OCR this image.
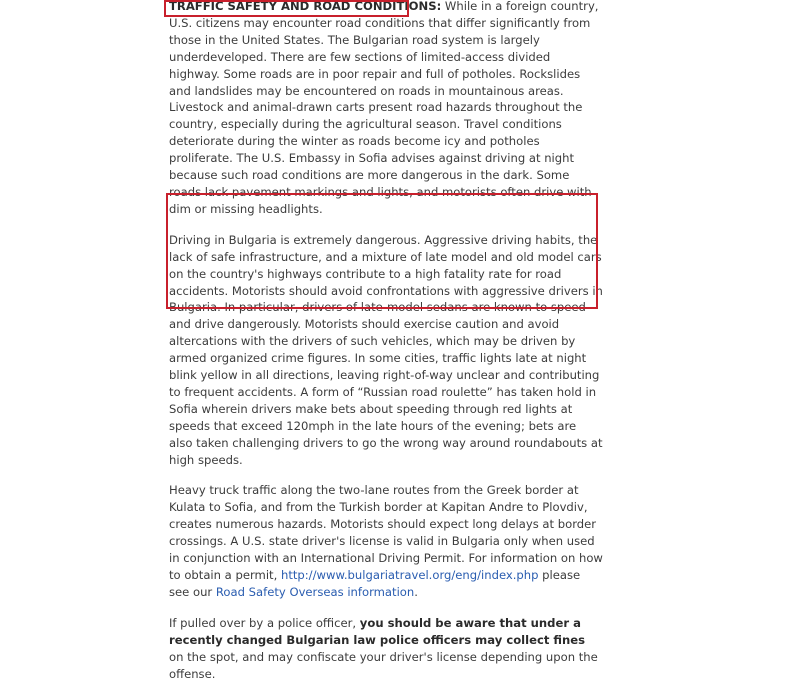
TRAFFIC SAFETY AND ROAD CONDITIONS: While in a foreign country, U.S. citizens may encounter road conditions that differ significantly from those in the United States. The Bulgarian road system is largely underdeveloped. There are few sections of limited-access divided highway. Some roads are in poor repair and full of potholes. Rockslides and landslides may be encountered on roads in mountainous areas. Livestock and animal-drawn carts present road hazards throughout the country, especially during the agricultural season. Travel conditions deteriorate during the winter as roads become icy and potholes proliferate. The U.S. Embassy in Sofia advises against driving at night because such road conditions are more dangerous in the dark. Some roads lack pavement markings and lights, and motorists often drive with dim or missing headlights.

Driving in Bulgaria is extremely dangerous. Aggressive driving habits, the lack of safe infrastructure, and a mixture of late model and old model cars on the country's highways contribute to a high fatality rate for road accidents. Motorists should avoid confrontations with aggressive drivers in Bulgaria. In particular, drivers of late-model sedans are known to speed and drive dangerously. Motorists should exercise caution and avoid altercations with the drivers of such vehicles, which may be driven by armed organized crime figures. In some cities, traffic lights late at night blink yellow in all directions, leaving right-of-way unclear and contributing to frequent accidents. A form of “Russian road roulette” has taken hold in Sofia wherein drivers make bets about speeding through red lights at speeds that exceed 120mph in the late hours of the evening; bets are also taken challenging drivers to go the wrong way around roundabouts at high speeds.

Heavy truck traffic along the two-lane routes from the Greek border at Kulata to Sofia, and from the Turkish border at Kapitan Andre to Plovdiv, creates numerous hazards. Motorists should expect long delays at border crossings. A U.S. state driver's license is valid in Bulgaria only when used in conjunction with an International Driving Permit. For information on how to obtain a permit, http://www.bulgariatravel.org/eng/index.php please see our Road Safety Overseas information.

If pulled over by a police officer, you should be aware that under a recently changed Bulgarian law police officers may collect fines on the spot, and may confiscate your driver's license depending upon the offense.
